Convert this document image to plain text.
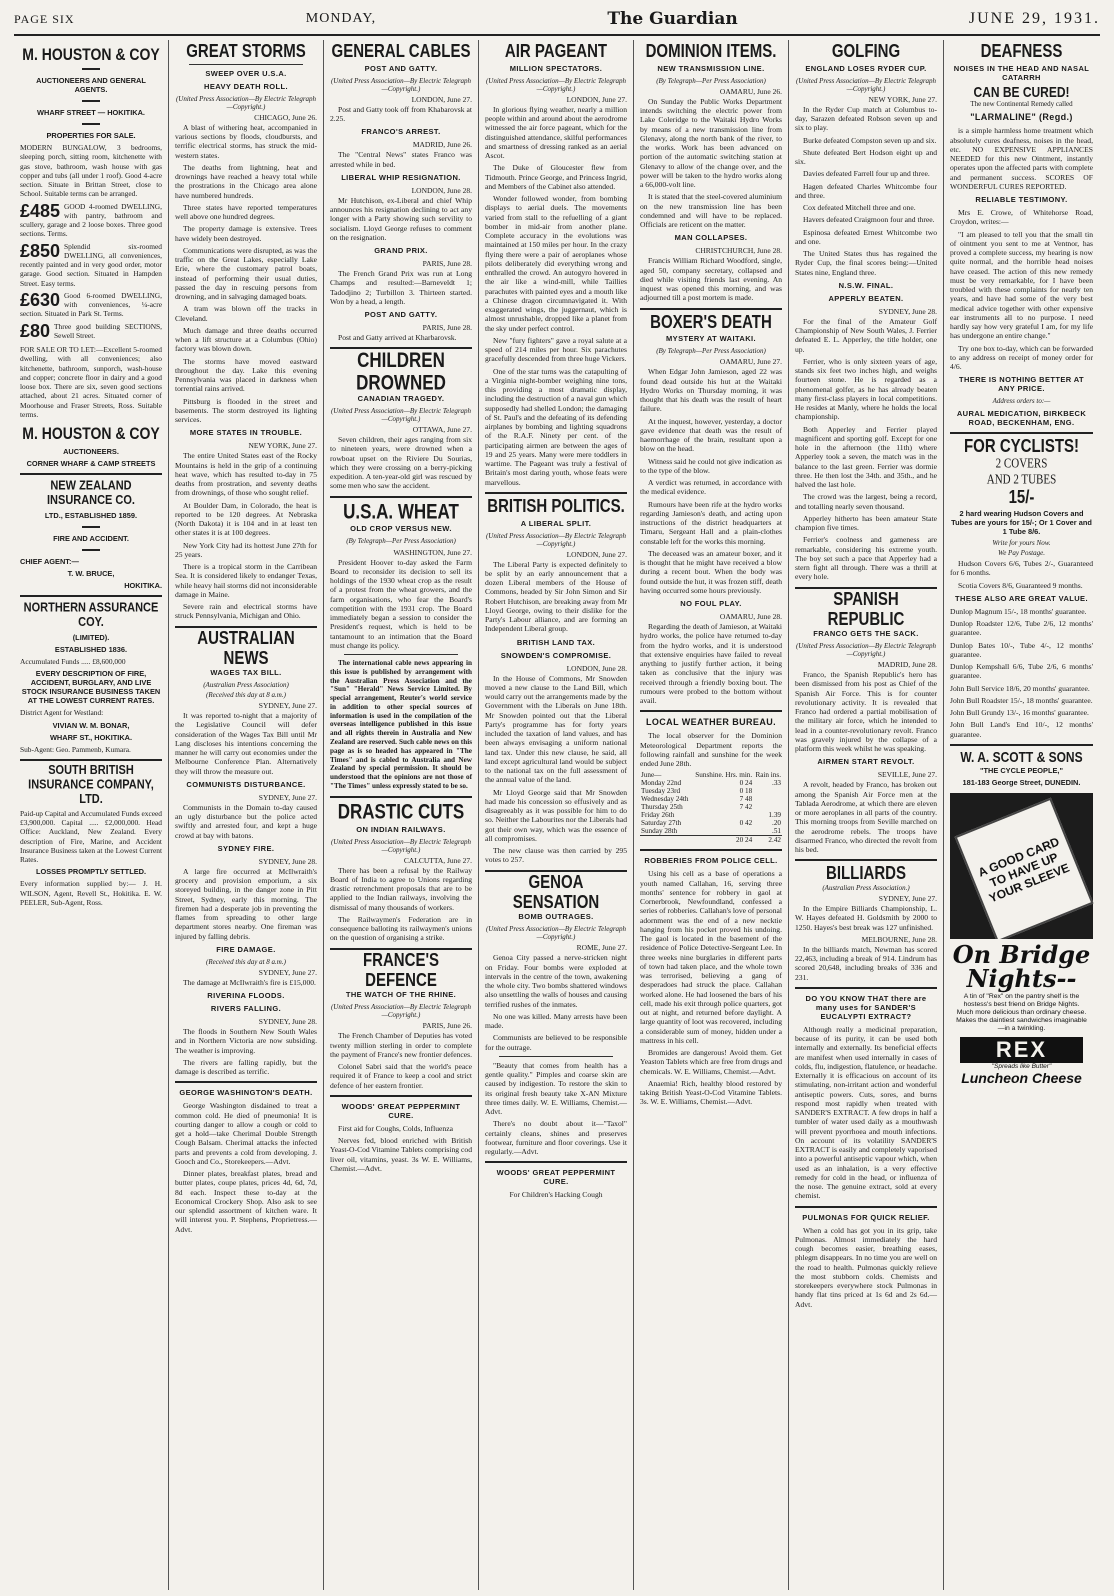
PAGE SIX	MONDAY,	The Guardian	JUNE 29, 1931.
M. HOUSTON & COY
AUCTIONEERS AND GENERAL AGENTS.
WHARF STREET — HOKITIKA.
PROPERTIES FOR SALE.
MODERN BUNGALOW, 3 bedrooms, sleeping porch, sitting room, kitchenette with gas stove, bathroom, wash house with gas copper and tubs (all under 1 roof). Good 4-acre section. Situate in Brittan Street, close to School. Suitable terms can be arranged.
£485 GOOD 4-roomed DWELLING, with pantry, bathroom and scullery, garage and 2 loose boxes. Three good sections. Terms.
£850 Splendid six-roomed DWELLING, all conveniences, recently painted and in very good order, motor garage. Good section. Situated in Hampden Street. Easy terms.
£630 Good 6-roomed DWELLING, with conveniences, ¼-acre section. Situated in Park St. Terms.
£80 Three good building SECTIONS, Sewell Street.
FOR SALE OR TO LET:—Excellent 5-roomed dwelling, with all conveniences; also kitchenette, bathroom, sunporch, wash-house and copper; concrete floor in dairy and a good loose box. There are six, seven good sections attached, about 21 acres. Situated corner of Moorhouse and Fraser Streets, Ross. Suitable terms.
M. HOUSTON & COY
AUCTIONEERS.
CORNER WHARF & CAMP STREETS
NEW ZEALAND INSURANCE CO.
LTD., ESTABLISHED 1859.
FIRE AND ACCIDENT.
CHIEF AGENT:—
T. W. BRUCE,
HOKITIKA.
NORTHERN ASSURANCE COY.
(LIMITED).
ESTABLISHED 1836.
Accumulated Funds ..... £8,600,000
EVERY DESCRIPTION OF FIRE, ACCIDENT, BURGLARY, AND LIVE STOCK INSURANCE BUSINESS TAKEN AT THE LOWEST CURRENT RATES.
District Agent for Westland:
VIVIAN W. M. BONAR,
WHARF ST., HOKITIKA.
Sub-Agent: Geo. Pammenb, Kumara.
SOUTH BRITISH INSURANCE COMPANY, LTD.
Paid-up Capital and Accumulated Funds exceed £3,900,000. Capital ..... £2,000,000. Head Office: Auckland, New Zealand. Every description of Fire, Marine, and Accident Insurance Business taken at the Lowest Current Rates.
LOSSES PROMPTLY SETTLED.
Every information supplied by:— J. H. WILSON, Agent, Revell St., Hokitika. E. W. PEELER, Sub-Agent, Ross.
GREAT STORMS
SWEEP OVER U.S.A.
HEAVY DEATH ROLL.
(United Press Association—By Electric Telegraph—Copyright.)
CHICAGO, June 26.

A blast of withering heat, accompanied in various sections by floods, cloudbursts, and terrific electrical storms, has struck the mid-western states.

The deaths from lightning, heat and drownings have reached a heavy total while the prostrations in the Chicago area alone have numbered hundreds.

Three states have reported temperatures well above one hundred degrees.

The property damage is extensive. Trees have widely been destroyed.

Communications were disrupted, as was the traffic on the Great Lakes, especially Lake Erie, where the customary patrol boats, instead of performing their usual duties, passed the day in rescuing persons from drowning, and in salvaging damaged boats.

A tram was blown off the tracks in Cleveland.

Much damage and three deaths occurred when a lift structure at a Columbus (Ohio) factory was blown down.

The storms have moved eastward throughout the day. Lake this evening Pennsylvania was placed in darkness when torrential rains arrived.

Pittsburg is flooded in the street and basements. The storm destroyed its lighting services.

MORE STATES IN TROUBLE.
NEW YORK, June 27.

The entire United States east of the Rocky Mountains is held in the grip of a continuing heat wave, which has resulted to-day in 75 deaths from prostration, and seventy deaths from drownings, of those who sought relief.

At Boulder Dam, in Colorado, the heat is reported to be 120 degrees. At Nebraska (North Dakota) it is 104 and in at least ten other states it is at 100 degrees.

New York City had its hottest June 27th for 25 years.

There is a tropical storm in the Carribean Sea. It is considered likely to endanger Texas, while heavy hail storms did not inconsiderable damage in Maine.

Severe rain and electrical storms have struck Pennsylvania, Michigan and Ohio.

AUSTRALIAN NEWS
WAGES TAX BILL.
(Australian Press Association)
(Received this day at 8 a.m.)
SYDNEY, June 27.

It was reported to-night that a majority of the Legislative Council will defer consideration of the Wages Tax Bill until Mr Lang discloses his intentions concerning the manner he will carry out economies under the Melbourne Conference Plan. Alternatively they will throw the measure out.

COMMUNISTS DISTURBANCE.
SYDNEY, June 27.

Communists in the Domain to-day caused an ugly disturbance but the police acted swiftly and arrested four, and kept a huge crowd at bay with batons.

SYDNEY FIRE.
SYDNEY, June 28.

A large fire occurred at McIlwraith's grocery and provision emporium, a six storeyed building, in the danger zone in Pitt Street, Sydney, early this morning. The firemen had a desperate job in preventing the flames from spreading to other large department stores nearby. One fireman was injured by falling debris.

FIRE DAMAGE.
(Received this day at 8 a.m.)
SYDNEY, June 27.

The damage at McIlwraith's fire is £15,000.

RIVERINA FLOODS.
RIVERS FALLING.
SYDNEY, June 28.

The floods in Southern New South Wales and in Northern Victoria are now subsiding. The weather is improving.

The rivers are falling rapidly, but the damage is described as terrific.

GEORGE WASHINGTON'S DEATH.

George Washington disdained to treat a common cold. He died of pneumonia! It is courting danger to allow a cough or cold to get a hold—take Cherimal Double Strength Cough Balsam. Cherimal attacks the infected parts and prevents a cold from developing. J. Gooch and Co., Storekeepers.—Advt.

Dinner plates, breakfast plates, bread and butter plates, coupe plates, prices 4d, 6d, 7d, 8d each. Inspect these to-day at the Economical Crockery Shop. Also ask to see our splendid assortment of kitchen ware. It will interest you. P. Stephens, Proprietress.—Advt.

GENERAL CABLES
POST AND GATTY.
(United Press Association—By Electric Telegraph—Copyright.)
LONDON, June 27.

Post and Gatty took off from Khabarovsk at 2.25.

FRANCO'S ARREST.
MADRID, June 26.

The "Central News" states Franco was arrested while in bed.

LIBERAL WHIP RESIGNATION.
LONDON, June 28.

Mr Hutchison, ex-Liberal and chief Whip announces his resignation declining to act any longer with a Party showing such servility to socialism. Lloyd George refuses to comment on the resignation.

GRAND PRIX.
PARIS, June 28.

The French Grand Prix was run at Long Champs and resulted:—Barneveldt 1; Tadodjino 2; Turbillon 3. Thirteen started. Won by a head, a length.

POST AND GATTY.
PARIS, June 28.

Post and Gatty arrived at Kharbarovsk.

CHILDREN DROWNED
CANADIAN TRAGEDY.
(United Press Association—By Electric Telegraph—Copyright.)
OTTAWA, June 27.

Seven children, their ages ranging from six to nineteen years, were drowned when a rowboat upset on the Riviere Du Sourias, which they were crossing on a berry-picking expedition. A ten-year-old girl was rescued by some men who saw the accident.

U.S.A. WHEAT
OLD CROP VERSUS NEW.
(By Telegraph—Per Press Association)
WASHINGTON, June 27.

President Hoover to-day asked the Farm Board to reconsider its decision to sell its holdings of the 1930 wheat crop as the result of a protest from the wheat growers, and the farm organisations, who fear the Board's competition with the 1931 crop. The Board immediately began a session to consider the President's request, which is held to be tantamount to an intimation that the Board must change its policy.

The international cable news appearing in this issue is published by arrangement with the Australian Press Association and the "Sun" "Herald" News Service Limited. By special arrangement, Reuter's world service in addition to other special sources of information is used in the compilation of the overseas intelligence published in this issue and all rights therein in Australia and New Zealand are reserved. Such cable news on this page as is so headed has appeared in "The Times" and is cabled to Australia and New Zealand by special permission. It should be understood that the opinions are not those of "The Times" unless expressly stated to be so.

DRASTIC CUTS
ON INDIAN RAILWAYS.
(United Press Association—By Electric Telegraph—Copyright.)
CALCUTTA, June 27.

There has been a refusal by the Railway Board of India to agree to Unions regarding drastic retrenchment proposals that are to be applied to the Indian railways, involving the dismissal of many thousands of workers.

The Railwaymen's Federation are in consequence balloting its railwaymen's unions on the question of organising a strike.

FRANCE'S DEFENCE
THE WATCH OF THE RHINE.
(United Press Association—By Electric Telegraph—Copyright.)
PARIS, June 26.

The French Chamber of Deputies has voted twenty million sterling in order to complete the payment of France's new frontier defences.

Colonel Sabri said that the world's peace required it of France to keep a cool and strict defence of her eastern frontier.

WOODS' GREAT PEPPERMINT CURE.

First aid for Coughs, Colds, Influenza

Nerves fed, blood enriched with British Yeast-O-Cod Vitamine Tablets comprising cod liver oil, vitamins, yeast. 3s W. E. Williams, Chemist.—Advt.

AIR PAGEANT
MILLION SPECTATORS.
(United Press Association—By Electric Telegraph—Copyright.)
LONDON, June 27.

In glorious flying weather, nearly a million people within and around about the aerodrome witnessed the air force pageant, which for the distinguished attendance, skilful performances and smartness of dressing ranked as an aerial Ascot.

The Duke of Gloucester flew from Tidmouth. Prince George, and Princess Ingrid, and Members of the Cabinet also attended.

Wonder followed wonder, from bombing displays to aerial duels. The movements varied from stall to the refuelling of a giant bomber in mid-air from another plane. Complete accuracy in the evolutions was maintained at 150 miles per hour. In the crazy flying there were a pair of aeroplanes whose pilots deliberately did everything wrong and enthralled the crowd. An autogyro hovered in the air like a wind-mill, while Taillies parachutes with painted eyes and a mouth like a Chinese dragon circumnavigated it. With exaggerated wings, the juggernaut, which is almost unrushable, dropped like a planet from the sky under perfect control.

New "fury fighters" gave a royal salute at a speed of 214 miles per hour. Six parachutes gracefully descended from three huge Vickers.

One of the star turns was the catapulting of a Virginia night-bomber weighing nine tons, this providing a most dramatic display, including the destruction of a naval gun which supposedly had shelled London; the damaging of St. Paul's and the defeating of its defending airplanes by bombing and lighting squadrons of the R.A.F. Ninety per cent. of the participating airmen are between the ages of 19 and 25 years. Many were mere toddlers in wartime. The Pageant was truly a festival of Britain's most daring youth, whose feats were marvellous.

BRITISH POLITICS.
A LIBERAL SPLIT.
(United Press Association—By Electric Telegraph—Copyright.)
LONDON, June 27.

The Liberal Party is expected definitely to be split by an early announcement that a dozen Liberal members of the House of Commons, headed by Sir John Simon and Sir Robert Hutchison, are breaking away from Mr Lloyd George, owing to their dislike for the Party's Labour alliance, and are forming an Independent Liberal group.

BRITISH LAND TAX.
SNOWDEN'S COMPROMISE.
LONDON, June 28.

In the House of Commons, Mr Snowden moved a new clause to the Land Bill, which would carry out the arrangements made by the Government with the Liberals on June 18th. Mr Snowden pointed out that the Liberal Party's programme has for forty years included the taxation of land values, and has been always envisaging a uniform national land tax. Under this new clause, he said, all land except agricultural land would be subject to the national tax on the full assessment of the annual value of the land.

Mr Lloyd George said that Mr Snowden had made his concession so effusively and as disagreeably as it was possible for him to do so. Neither the Labourites nor the Liberals had got their own way, which was the essence of all compromises.

The new clause was then carried by 295 votes to 257.

GENOA SENSATION
BOMB OUTRAGES.
(United Press Association—By Electric Telegraph—Copyright.)
ROME, June 27.

Genoa City passed a nerve-stricken night on Friday. Four bombs were exploded at intervals in the centre of the town, awakening the whole city. Two bombs shattered windows also unsettling the walls of houses and causing terrified rushes of the inmates.

No one was killed. Many arrests have been made.

Communists are believed to be responsible for the outrage.

"Beauty that comes from health has a gentle quality." Pimples and coarse skin are caused by indigestion. To restore the skin to its original fresh beauty take X-AN Mixture three times daily. W. E. Williams, Chemist.—Advt.

There's no doubt about it—"Taxol" certainly cleans, shines and preserves footwear, furniture and floor coverings. Use it regularly.—Advt.

WOODS' GREAT PEPPERMINT CURE.

For Children's Hacking Cough

DOMINION ITEMS.
NEW TRANSMISSION LINE.
(By Telegraph—Per Press Association)
OAMARU, June 26.

On Sunday the Public Works Department intends switching the electric power from Lake Coleridge to the Waitaki Hydro Works by means of a new transmission line from Glenavy, along the north bank of the river, to the works. Work has been advanced on portion of the automatic switching station at Glenavy to allow of the change over, and the power will be taken to the hydro works along a 66,000-volt line.

It is stated that the steel-covered aluminium on the new transmission line has been condemned and will have to be replaced. Officials are reticent on the matter.

MAN COLLAPSES.
CHRISTCHURCH, June 28.

Francis William Richard Woodford, single, aged 50, company secretary, collapsed and died while visiting friends last evening. An inquest was opened this morning, and was adjourned till a post mortem is made.

BOXER'S DEATH
MYSTERY AT WAITAKI.
(By Telegraph—Per Press Association)
OAMARU, June 27.

When Edgar John Jamieson, aged 22 was found dead outside his hut at the Waitaki Hydro Works on Thursday morning, it was thought that his death was the result of heart failure.

At the inquest, however, yesterday, a doctor gave evidence that death was the result of haemorrhage of the brain, resultant upon a blow on the head.

Witness said he could not give indication as to the type of the blow.

A verdict was returned, in accordance with the medical evidence.

Rumours have been rife at the hydro works regarding Jamieson's death, and acting upon instructions of the district headquarters at Timaru, Sergeant Hall and a plain-clothes constable left for the works this morning.

The deceased was an amateur boxer, and it is thought that he might have received a blow during a recent bout. When the body was found outside the hut, it was frozen stiff, death having occurred some hours previously.

NO FOUL PLAY.
OAMARU, June 28.

Regarding the death of Jamieson, at Waitaki hydro works, the police have returned to-day from the hydro works, and it is understood that extensive enquiries have failed to reveal anything to justify further action, it being taken as conclusive that the injury was received through a friendly boxing bout. The rumours were probed to the bottom without avail.

LOCAL WEATHER BUREAU.

The local observer for the Dominion Meteorological Department reports the following rainfall and sunshine for the week ended June 28th.

June—	Sunshine. Hrs. min.	Rain ins.
Monday 22nd	0 24	.33
Tuesday 23rd	0 18	
Wednesday 24th	7 48	
Thursday 25th	7 42	
Friday 26th		1.39
Saturday 27th	0 42	.20
Sunday 28th		.51
	20 24	2.42
ROBBERIES FROM POLICE CELL.

Using his cell as a base of operations a youth named Callahan, 16, serving three months' sentence for robbery in gaol at Cornerbrook, Newfoundland, confessed a series of robberies. Callahan's love of personal adornment was the end of a new necktie hanging from his pocket proved his undoing. The gaol is located in the basement of the residence of Police Detective-Sergeant Lee. In three weeks nine burglaries in different parts of town had taken place, and the whole town was terrorised, believing a gang of desperadoes had struck the place. Callahan worked alone. He had loosened the bars of his cell, made his exit through police quarters, got out at night, and returned before daylight. A large quantity of loot was recovered, including a considerable sum of money, hidden under a mattress in his cell.

Bromides are dangerous! Avoid them. Get Yeaston Tablets which are free from drugs and chemicals. W. E. Williams, Chemist.—Advt.

Anaemia! Rich, healthy blood restored by taking British Yeast-O-Cod Vitamine Tablets. 3s. W. E. Williams, Chemist.—Advt.

GOLFING
ENGLAND LOSES RYDER CUP.
(United Press Association—By Electric Telegraph—Copyright.)
NEW YORK, June 27.

In the Ryder Cup match at Columbus to-day, Sarazen defeated Robson seven up and six to play.

Burke defeated Compston seven up and six.

Shute defeated Bert Hodson eight up and six.

Davies defeated Farrell four up and three.

Hagen defeated Charles Whitcombe four and three.

Cox defeated Mitchell three and one.

Havers defeated Craigmoon four and three.

Espinosa defeated Ernest Whitcombe two and one.

The United States thus has regained the Ryder Cup, the final scores being:—United States nine, England three.

N.S.W. FINAL.
APPERLY BEATEN.
SYDNEY, June 28.

For the final of the Amateur Golf Championship of New South Wales, J. Ferrier defeated E. L. Apperley, the title holder, one up.

Ferrier, who is only sixteen years of age, stands six feet two inches high, and weighs fourteen stone. He is regarded as a phenomenal golfer, as he has already beaten many first-class players in local competitions. He resides at Manly, where he holds the local championship.

Both Apperley and Ferrier played magnificent and sporting golf. Except for one hole in the afternoon (the 11th) where Apperley took a seven, the match was in the balance to the last green. Ferrier was dormie three. He then lost the 34th. and 35th., and he halved the last hole.

The crowd was the largest, being a record, and totalling nearly seven thousand.

Apperley hitherto has been amateur State champion five times.

Ferrier's coolness and gameness are remarkable, considering his extreme youth. The boy set such a pace that Apperley had a stern fight all through. There was a thrill at every hole.

SPANISH REPUBLIC
FRANCO GETS THE SACK.
(United Press Association—By Electric Telegraph—Copyright.)
MADRID, June 28.

Franco, the Spanish Republic's hero has been dismissed from his post as Chief of the Spanish Air Force. This is for counter revolutionary activity. It is revealed that Franco had ordered a partial mobilisation of the military air force, which he intended to lead in a counter-revolutionary revolt. Franco was gravely injured by the collapse of a platform this week whilst he was speaking.

AIRMEN START REVOLT.
SEVILLE, June 27.

A revolt, headed by Franco, has broken out among the Spanish Air Force men at the Tablada Aerodrome, at which there are eleven or more aeroplanes in all parts of the country. This morning troops from Seville marched on the aerodrome rebels. The troops have disarmed Franco, who directed the revolt from his bed.

BILLIARDS
(Australian Press Association.)
SYDNEY, June 27.

In the Empire Billiards Championship, L. W. Hayes defeated H. Goldsmith by 2000 to 1250. Hayes's best break was 127 unfinished.

MELBOURNE, June 28.

In the billiards match, Newman has scored 22,463, including a break of 914. Lindrum has scored 20,648, including breaks of 336 and 231.

DO YOU KNOW THAT there are many uses for SANDER'S EUCALYPTI EXTRACT?

Although really a medicinal preparation, because of its purity, it can be used both internally and externally. Its beneficial effects are manifest when used internally in cases of colds, flu, indigestion, flatulence, or headache. Externally it is efficacious on account of its stimulating, non-irritant action and wonderful antiseptic powers. Cuts, sores, and burns respond most rapidly when treated with SANDER'S EXTRACT. A few drops in half a tumbler of water used daily as a mouthwash will prevent pyorrhoea and mouth infections. On account of its volatility SANDER'S EXTRACT is easily and completely vaporised into a powerful antiseptic vapour which, when used as an inhalation, is a very effective remedy for cold in the head, or influenza of the nose. The genuine extract, sold at every chemist.

PULMONAS FOR QUICK RELIEF.

When a cold has got you in its grip, take Pulmonas. Almost immediately the hard cough becomes easier, breathing eases, phlegm disappears. In no time you are well on the road to health. Pulmonas quickly relieve the most stubborn colds. Chemists and storekeepers everywhere stock Pulmonas in handy flat tins priced at 1s 6d and 2s 6d.—Advt.

DEAFNESS
NOISES IN THE HEAD AND NASAL CATARRH
CAN BE CURED!
The new Continental Remedy called
"LARMALINE" (Regd.)

is a simple harmless home treatment which absolutely cures deafness, noises in the head, etc. NO EXPENSIVE APPLIANCES NEEDED for this new Ointment, instantly operates upon the affected parts with complete and permanent success. SCORES OF WONDERFUL CURES REPORTED.

RELIABLE TESTIMONY.

Mrs E. Crowe, of Whitehorse Road, Croydon, writes:—

"I am pleased to tell you that the small tin of ointment you sent to me at Ventnor, has proved a complete success, my hearing is now quite normal, and the horrible head noises have ceased. The action of this new remedy must be very remarkable, for I have been troubled with these complaints for nearly ten years, and have had some of the very best medical advice together with other expensive ear instruments all to no purpose. I need hardly say how very grateful I am, for my life has undergone an entire change."

Try one box to-day, which can be forwarded to any address on receipt of money order for 4/6.

THERE IS NOTHING BETTER AT ANY PRICE.
Address orders to:—
AURAL MEDICATION, BIRKBECK ROAD, BECKENHAM, ENG.
FOR CYCLISTS!
2 COVERS
AND 2 TUBES
15/-
2 hard wearing Hudson Covers and Tubes are yours for 15/-; Or 1 Cover and 1 Tube 8/6.
Write for yours Now.
We Pay Postage.

Hudson Covers 6/6, Tubes 2/-, Guaranteed for 6 months.

Scotia Covers 8/6, Guaranteed 9 months.

THESE ALSO ARE GREAT VALUE.

Dunlop Magnum 15/-, 18 months' guarantee.

Dunlop Roadster 12/6, Tube 2/6, 12 months' guarantee.

Dunlop Bates 10/-, Tube 4/-, 12 months' guarantee.

Dunlop Kempshall 6/6, Tube 2/6, 6 months' guarantee.

John Bull Service 18/6, 20 months' guarantee.

John Bull Roadster 15/-, 18 months' guarantee.

John Bull Grundy 13/-, 16 months' guarantee.

John Bull Land's End 10/-, 12 months' guarantee.

W. A. SCOTT & SONS
"THE CYCLE PEOPLE,"
181-183 George Street, DUNEDIN.
A GOOD CARD TO HAVE UP YOUR SLEEVE
On Bridge Nights--
A tin of "Rex" on the pantry shelf is the hostess's best friend on Bridge Nights. Much more delicious than ordinary cheese. Makes the daintiest sandwiches imaginable—in a twinkling.
REX
"Spreads like Butter"
Luncheon Cheese
